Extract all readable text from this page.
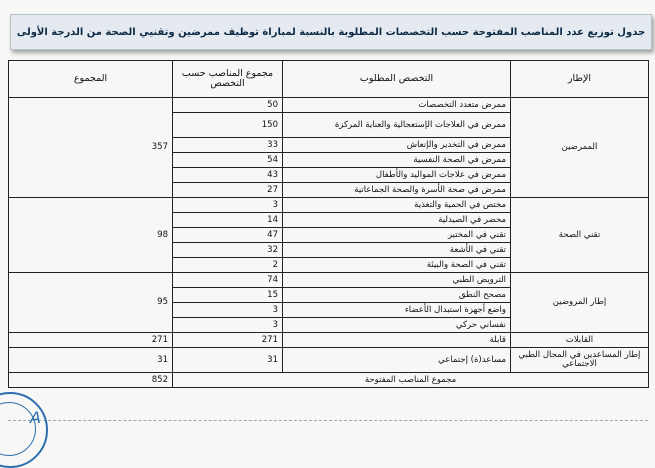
جدول توزيع عدد المناصب المفتوحة حسب التخصصات المطلوبة بالنسبة لمباراة توظيف ممرضين وتقنيي الصحة من الدرجة الأولى
الإطار	التخصص المطلوب	مجموع المناصب حسب التخصص	المجموع
الممرضين	ممرض متعدد التخصصات	50	357
	ممرض في العلاجات الإستعجالية والعناية المركزة	150	
	ممرض في التخدير والإنعاش	33	
	ممرض في الصحة النفسية	54	
	ممرض في علاجات المواليد والأطفال	43	
	ممرض في صحة الأسرة والصحة الجماعاتية	27	
تقني الصحة	مختص في الحمية والتغذية	3	98
	محضر في الصيدلية	14	
	تقني في المختبر	47	
	تقني في الأشعة	32	
	تقني في الصحة والبيئة	2	
إطار المروضين	الترويض الطبي	74	95
	مصحح النطق	15	
	واضع أجهزة استبدال الأعضاء	3	
	نفساني حركي	3	
القابلات	قابلة	271	271
إطار المساعدين في المجال الطبي الاجتماعي	مساعد(ة) إجتماعي	31	31
مجموع المناصب المفتوحة			852
A
